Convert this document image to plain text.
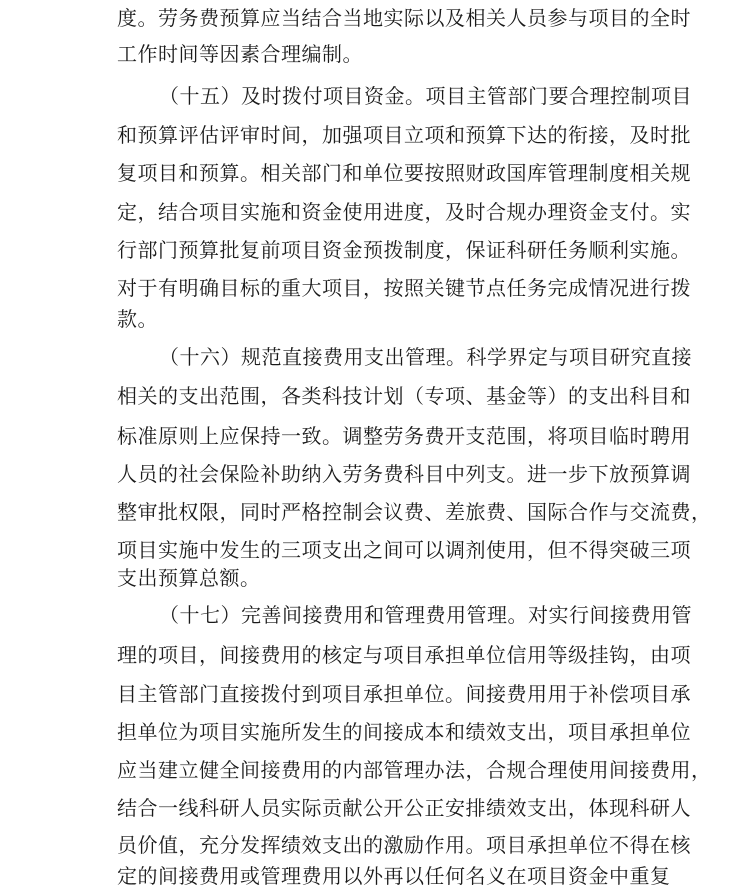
度。劳务费预算应当结合当地实际以及相关人员参与项目的全时
工作时间等因素合理编制。
（十五）及时拨付项目资金。项目主管部门要合理控制项目
和预算评估评审时间，加强项目立项和预算下达的衔接，及时批
复项目和预算。相关部门和单位要按照财政国库管理制度相关规
定，结合项目实施和资金使用进度，及时合规办理资金支付。实
行部门预算批复前项目资金预拨制度，保证科研任务顺利实施。
对于有明确目标的重大项目，按照关键节点任务完成情况进行拨
款。
（十六）规范直接费用支出管理。科学界定与项目研究直接
相关的支出范围，各类科技计划（专项、基金等）的支出科目和
标准原则上应保持一致。调整劳务费开支范围，将项目临时聘用
人员的社会保险补助纳入劳务费科目中列支。进一步下放预算调
整审批权限，同时严格控制会议费、差旅费、国际合作与交流费，
项目实施中发生的三项支出之间可以调剂使用，但不得突破三项
支出预算总额。
（十七）完善间接费用和管理费用管理。对实行间接费用管
理的项目，间接费用的核定与项目承担单位信用等级挂钩，由项
目主管部门直接拨付到项目承担单位。间接费用用于补偿项目承
担单位为项目实施所发生的间接成本和绩效支出，项目承担单位
应当建立健全间接费用的内部管理办法，合规合理使用间接费用，
结合一线科研人员实际贡献公开公正安排绩效支出，体现科研人
员价值，充分发挥绩效支出的激励作用。项目承担单位不得在核
定的间接费用或管理费用以外再以任何名义在项目资金中重复
